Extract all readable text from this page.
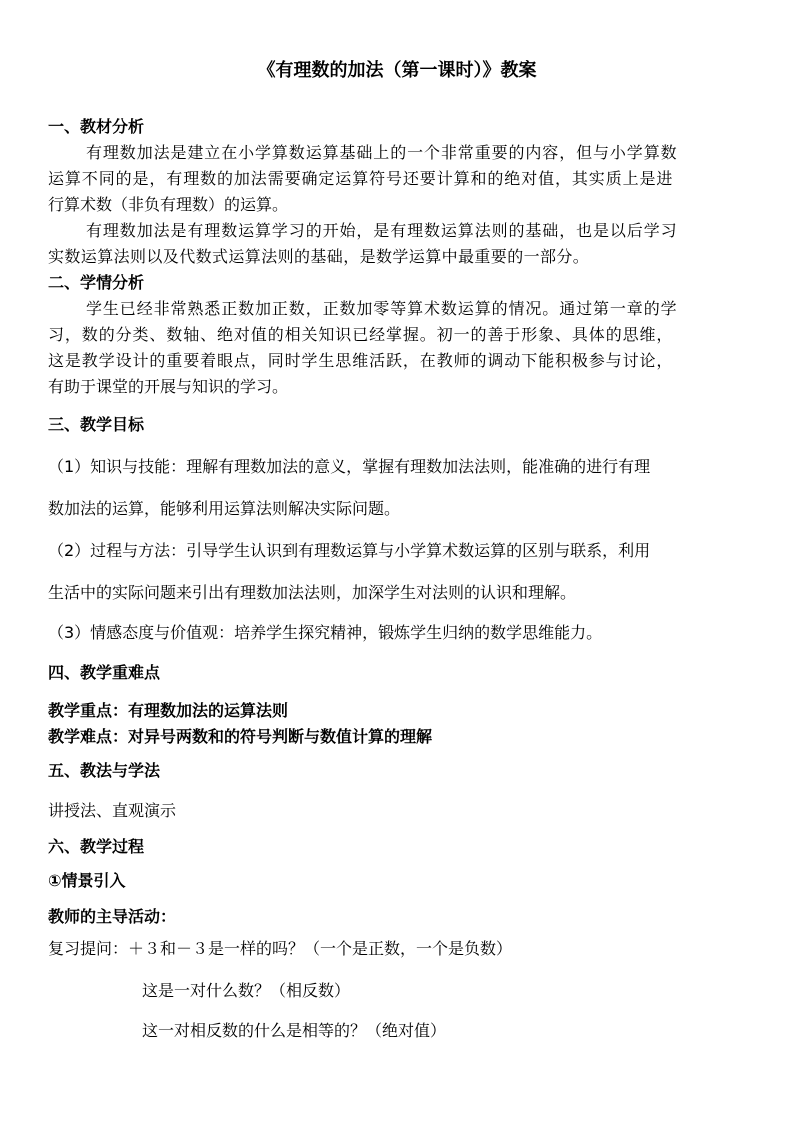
《有理数的加法（第一课时）》教案

一、教材分析

有理数加法是建立在小学算数运算基础上的一个非常重要的内容，但与小学算数

运算不同的是，有理数的加法需要确定运算符号还要计算和的绝对值，其实质上是进

行算术数（非负有理数）的运算。

有理数加法是有理数运算学习的开始，是有理数运算法则的基础，也是以后学习

实数运算法则以及代数式运算法则的基础，是数学运算中最重要的一部分。

二、学情分析

学生已经非常熟悉正数加正数，正数加零等算术数运算的情况。通过第一章的学

习，数的分类、数轴、绝对值的相关知识已经掌握。初一的善于形象、具体的思维，

这是教学设计的重要着眼点，同时学生思维活跃，在教师的调动下能积极参与讨论，

有助于课堂的开展与知识的学习。

三、教学目标

（1）知识与技能：理解有理数加法的意义，掌握有理数加法法则，能准确的进行有理

数加法的运算，能够利用运算法则解决实际问题。

（2）过程与方法：引导学生认识到有理数运算与小学算术数运算的区别与联系，利用

生活中的实际问题来引出有理数加法法则，加深学生对法则的认识和理解。

（3）情感态度与价值观：培养学生探究精神，锻炼学生归纳的数学思维能力。

四、教学重难点

教学重点：有理数加法的运算法则

教学难点：对异号两数和的符号判断与数值计算的理解

五、教法与学法

讲授法、直观演示

六、教学过程

①情景引入

教师的主导活动：

复习提问：＋３和－３是一样的吗？（一个是正数，一个是负数）

这是一对什么数？（相反数）

这一对相反数的什么是相等的？（绝对值）
